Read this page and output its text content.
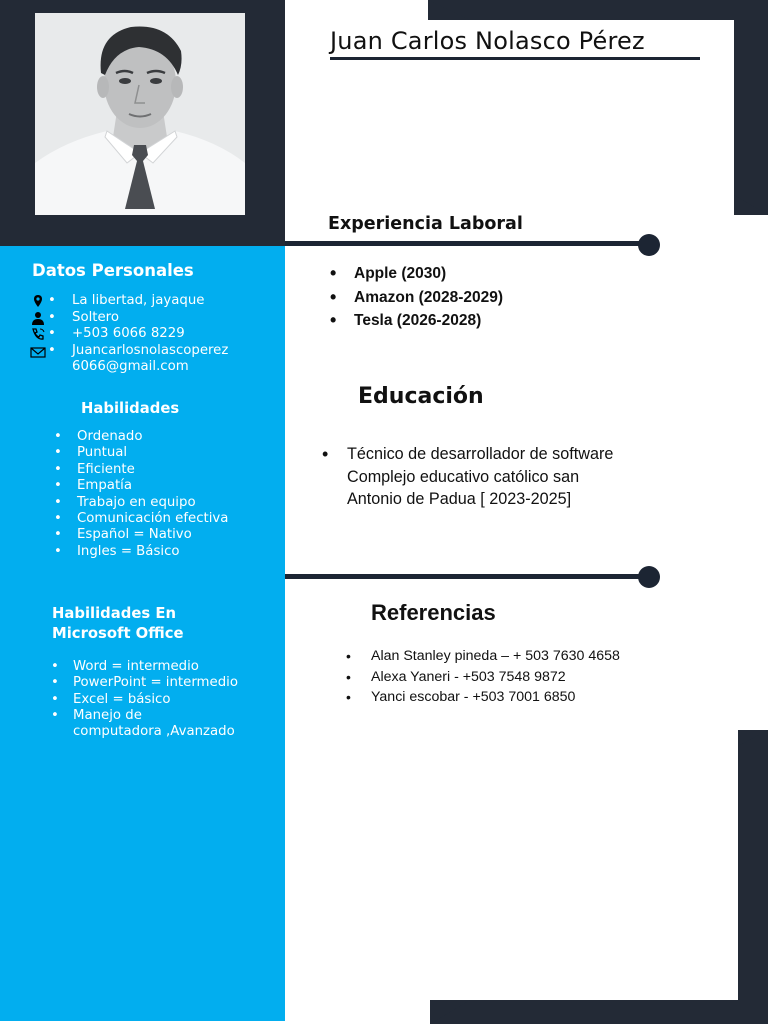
Juan Carlos Nolasco Pérez
Experiencia Laboral
• Apple (2030)
• Amazon (2028-2029)
• Tesla (2026-2028)
Educación
• Técnico de desarrollador de software
Complejo educativo católico san
Antonio de Padua [ 2023-2025]
Referencias
• Alan Stanley pineda – + 503 7630 4658
• Alexa Yaneri - +503 7548 9872
• Yanci escobar - +503 7001 6850
Datos Personales
• La libertad, jayaque
• Soltero
• +503 6066 8229
• Juancarlosnolascoperez
6066@gmail.com
Habilidades
• Ordenado
• Puntual
• Eficiente
• Empatía
• Trabajo en equipo
• Comunicación efectiva
• Español = Nativo
• Ingles = Básico
Habilidades En
Microsoft Office
• Word = intermedio
• PowerPoint = intermedio
• Excel = básico
• Manejo de
computadora ,Avanzado
